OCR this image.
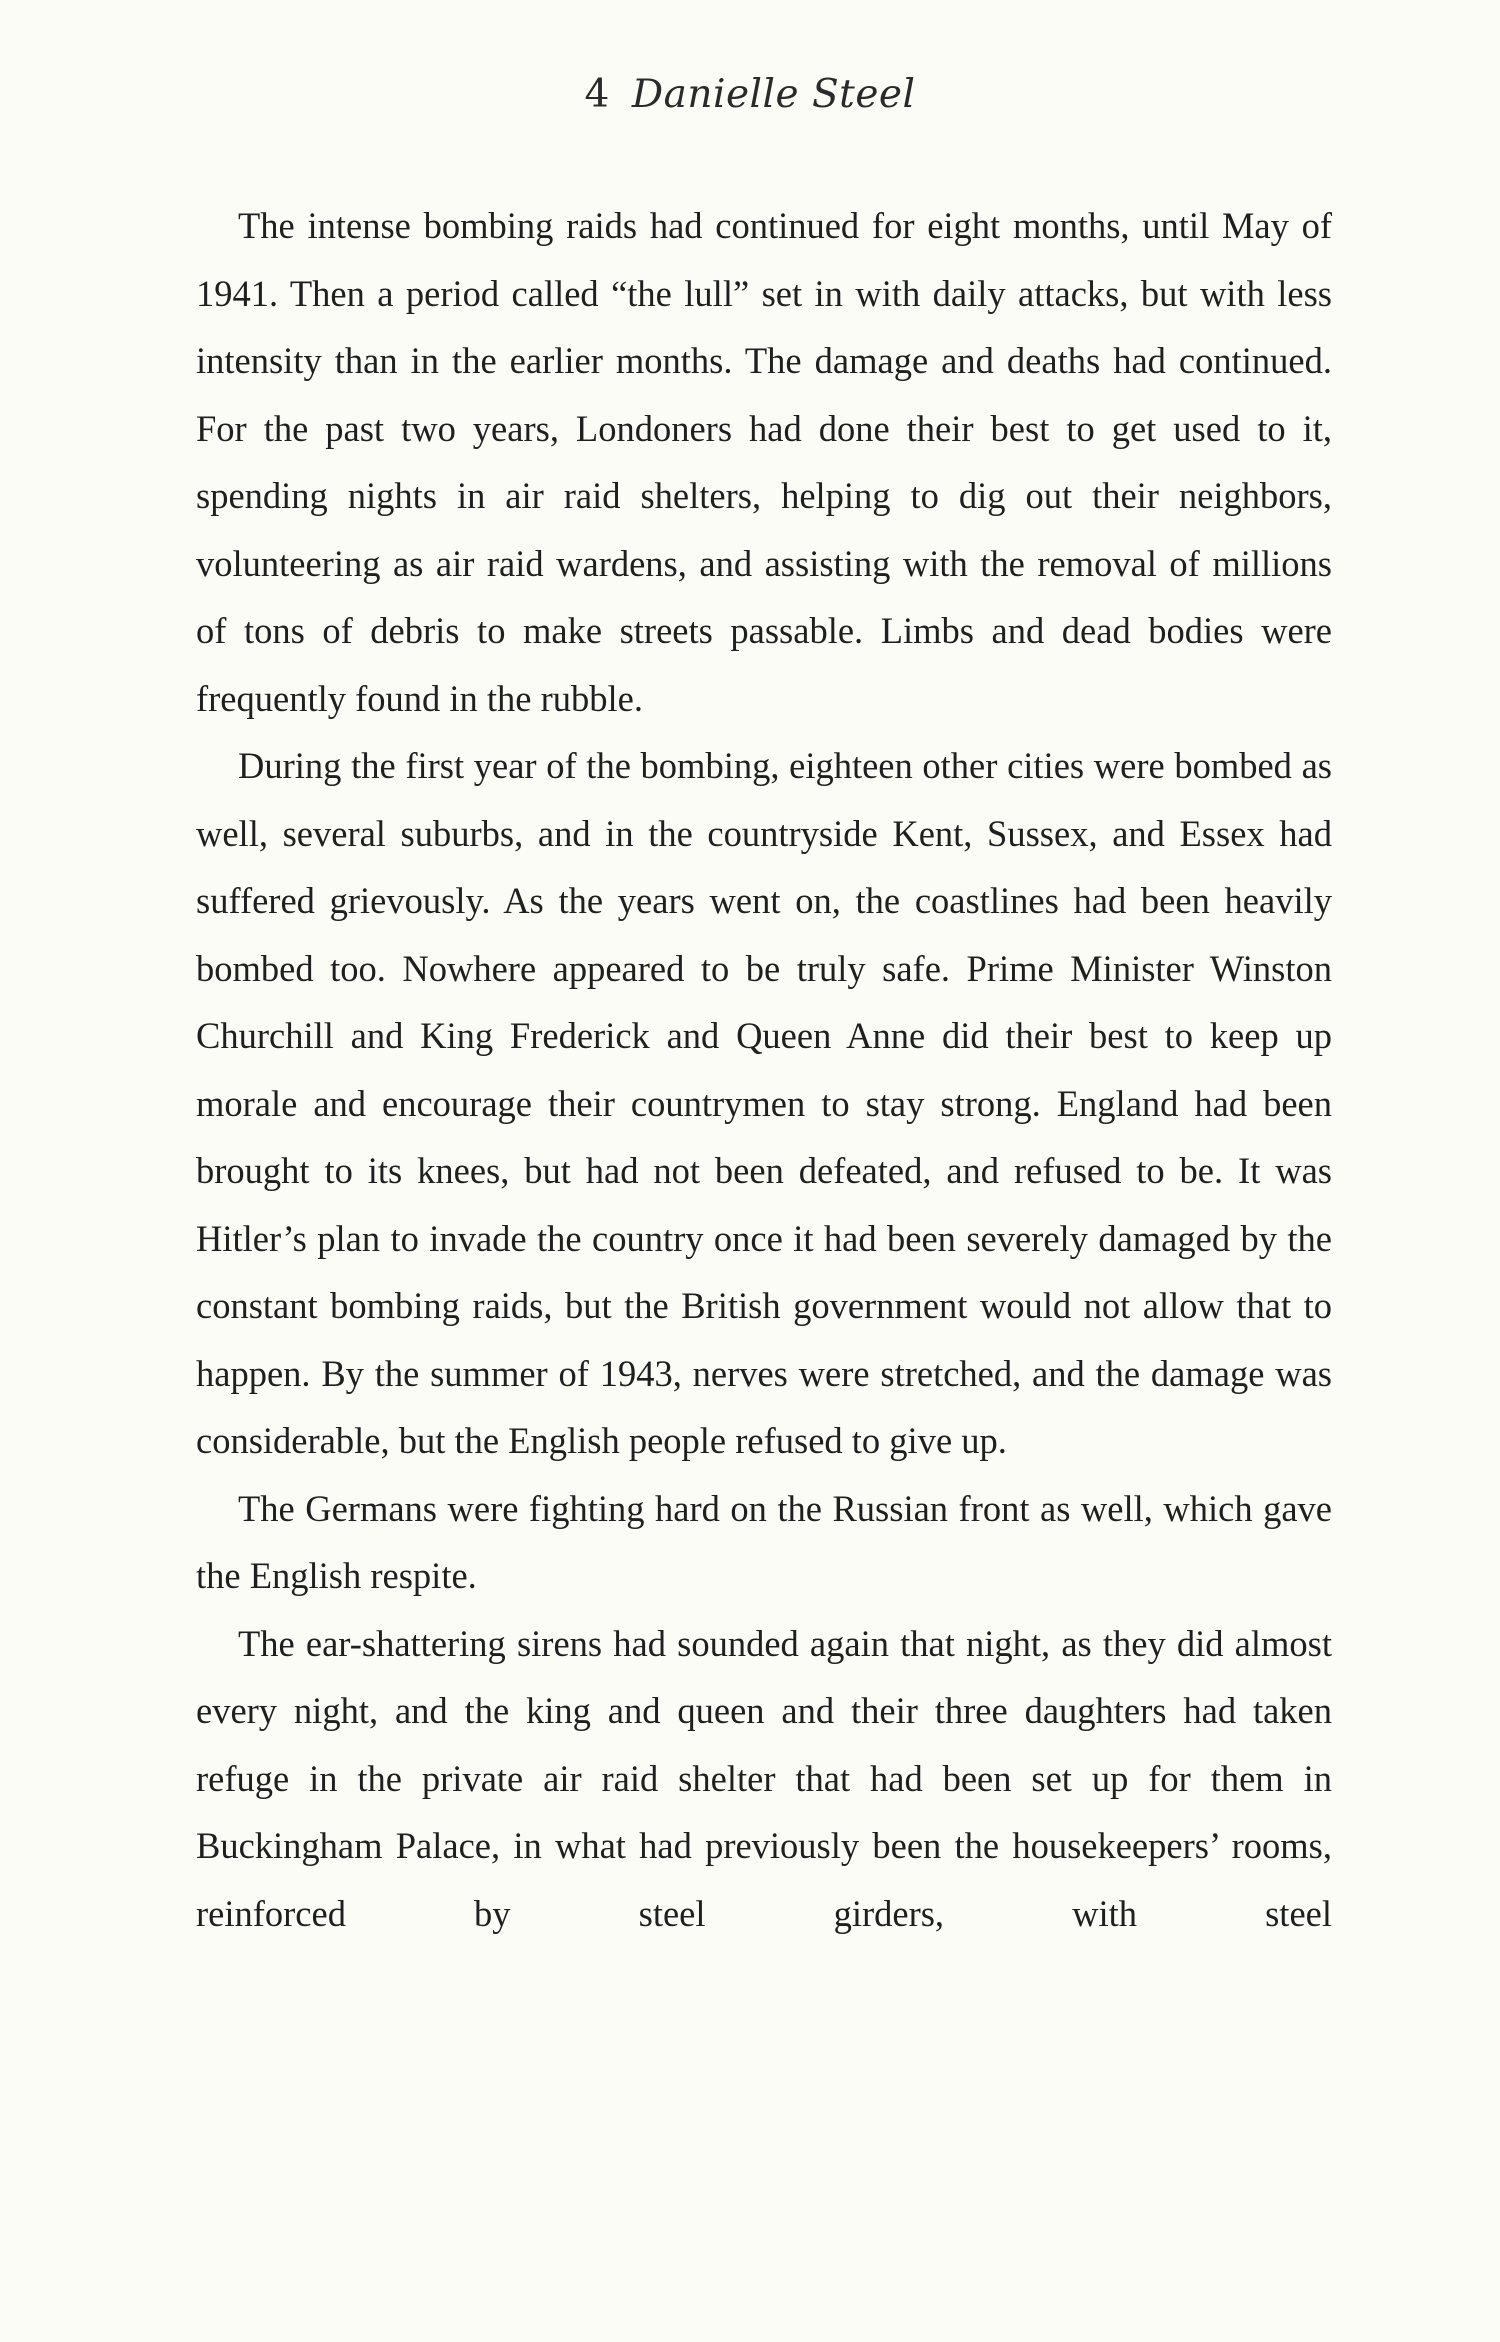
4 Danielle Steel

The intense bombing raids had continued for eight months, until May of 1941. Then a period called “the lull” set in with daily attacks, but with less intensity than in the earlier months. The damage and deaths had continued. For the past two years, Londoners had done their best to get used to it, spending nights in air raid shelters, helping to dig out their neighbors, volunteering as air raid wardens, and assisting with the removal of millions of tons of debris to make streets passable. Limbs and dead bodies were frequently found in the rubble.

During the first year of the bombing, eighteen other cities were bombed as well, several suburbs, and in the countryside Kent, Sussex, and Essex had suffered grievously. As the years went on, the coastlines had been heavily bombed too. Nowhere appeared to be truly safe. Prime Minister Winston Churchill and King Frederick and Queen Anne did their best to keep up morale and encourage their countrymen to stay strong. England had been brought to its knees, but had not been defeated, and refused to be. It was Hitler’s plan to invade the country once it had been severely damaged by the constant bombing raids, but the British government would not allow that to happen. By the summer of 1943, nerves were stretched, and the damage was considerable, but the English people refused to give up.

The Germans were fighting hard on the Russian front as well, which gave the English respite.

The ear-shattering sirens had sounded again that night, as they did almost every night, and the king and queen and their three daughters had taken refuge in the private air raid shelter that had been set up for them in Buckingham Palace, in what had previously been the housekeepers’ rooms, reinforced by steel girders, with steel
